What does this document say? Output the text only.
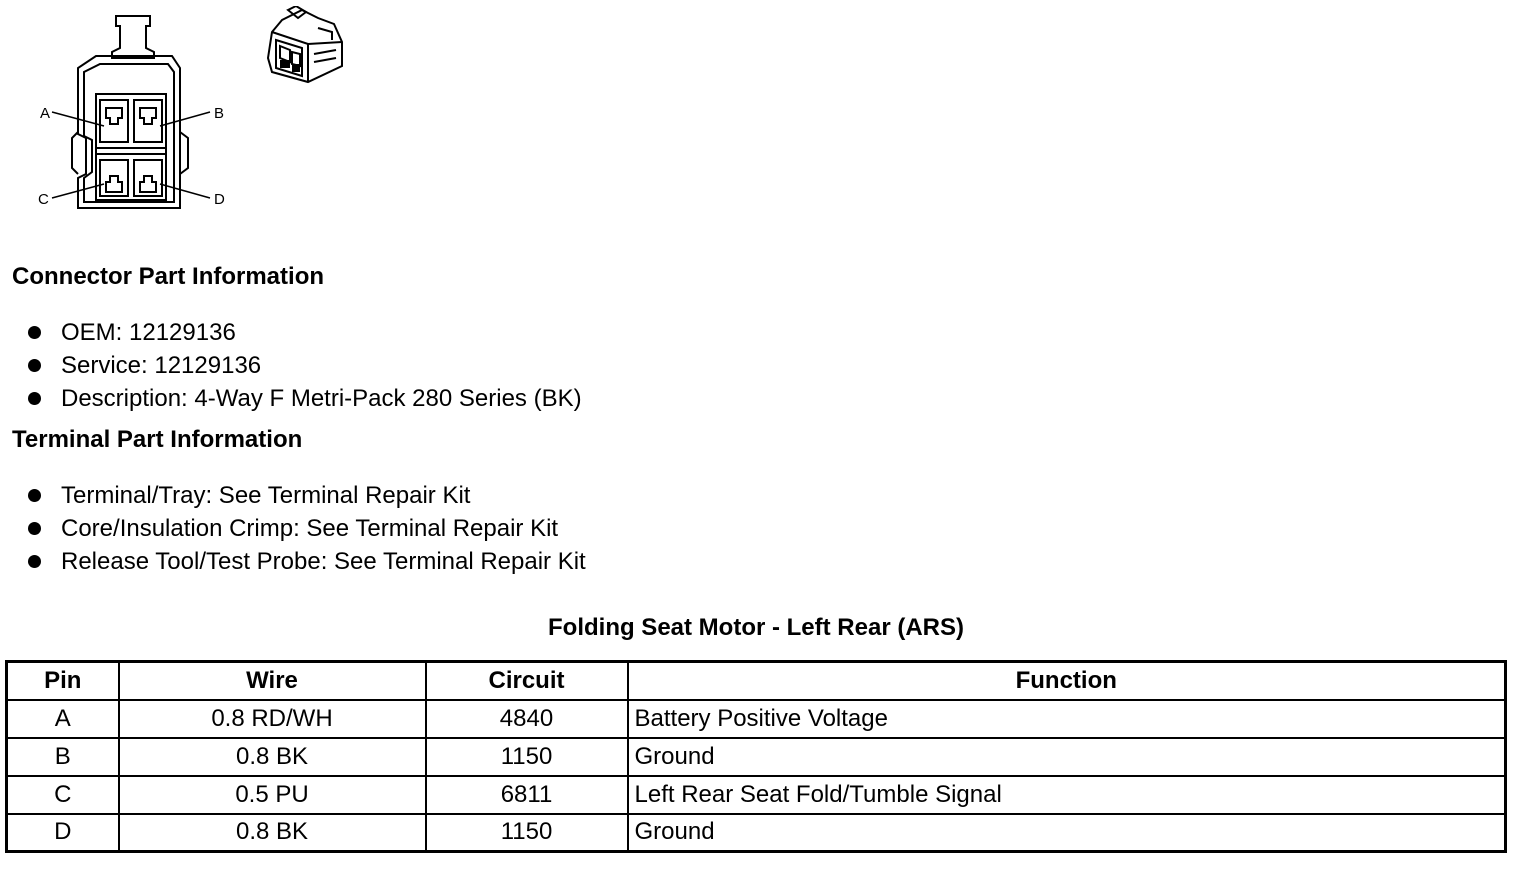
A	B
C	D
Connector Part Information
OEM: 12129136
Service: 12129136
Description: 4-Way F Metri-Pack 280 Series (BK)
Terminal Part Information
Terminal/Tray: See Terminal Repair Kit
Core/Insulation Crimp: See Terminal Repair Kit
Release Tool/Test Probe: See Terminal Repair Kit
Folding Seat Motor - Left Rear (ARS)
Pin	Wire	Circuit	Function
A	0.8 RD/WH	4840	Battery Positive Voltage
B	0.8 BK	1150	Ground
C	0.5 PU	6811	Left Rear Seat Fold/Tumble Signal
D	0.8 BK	1150	Ground
